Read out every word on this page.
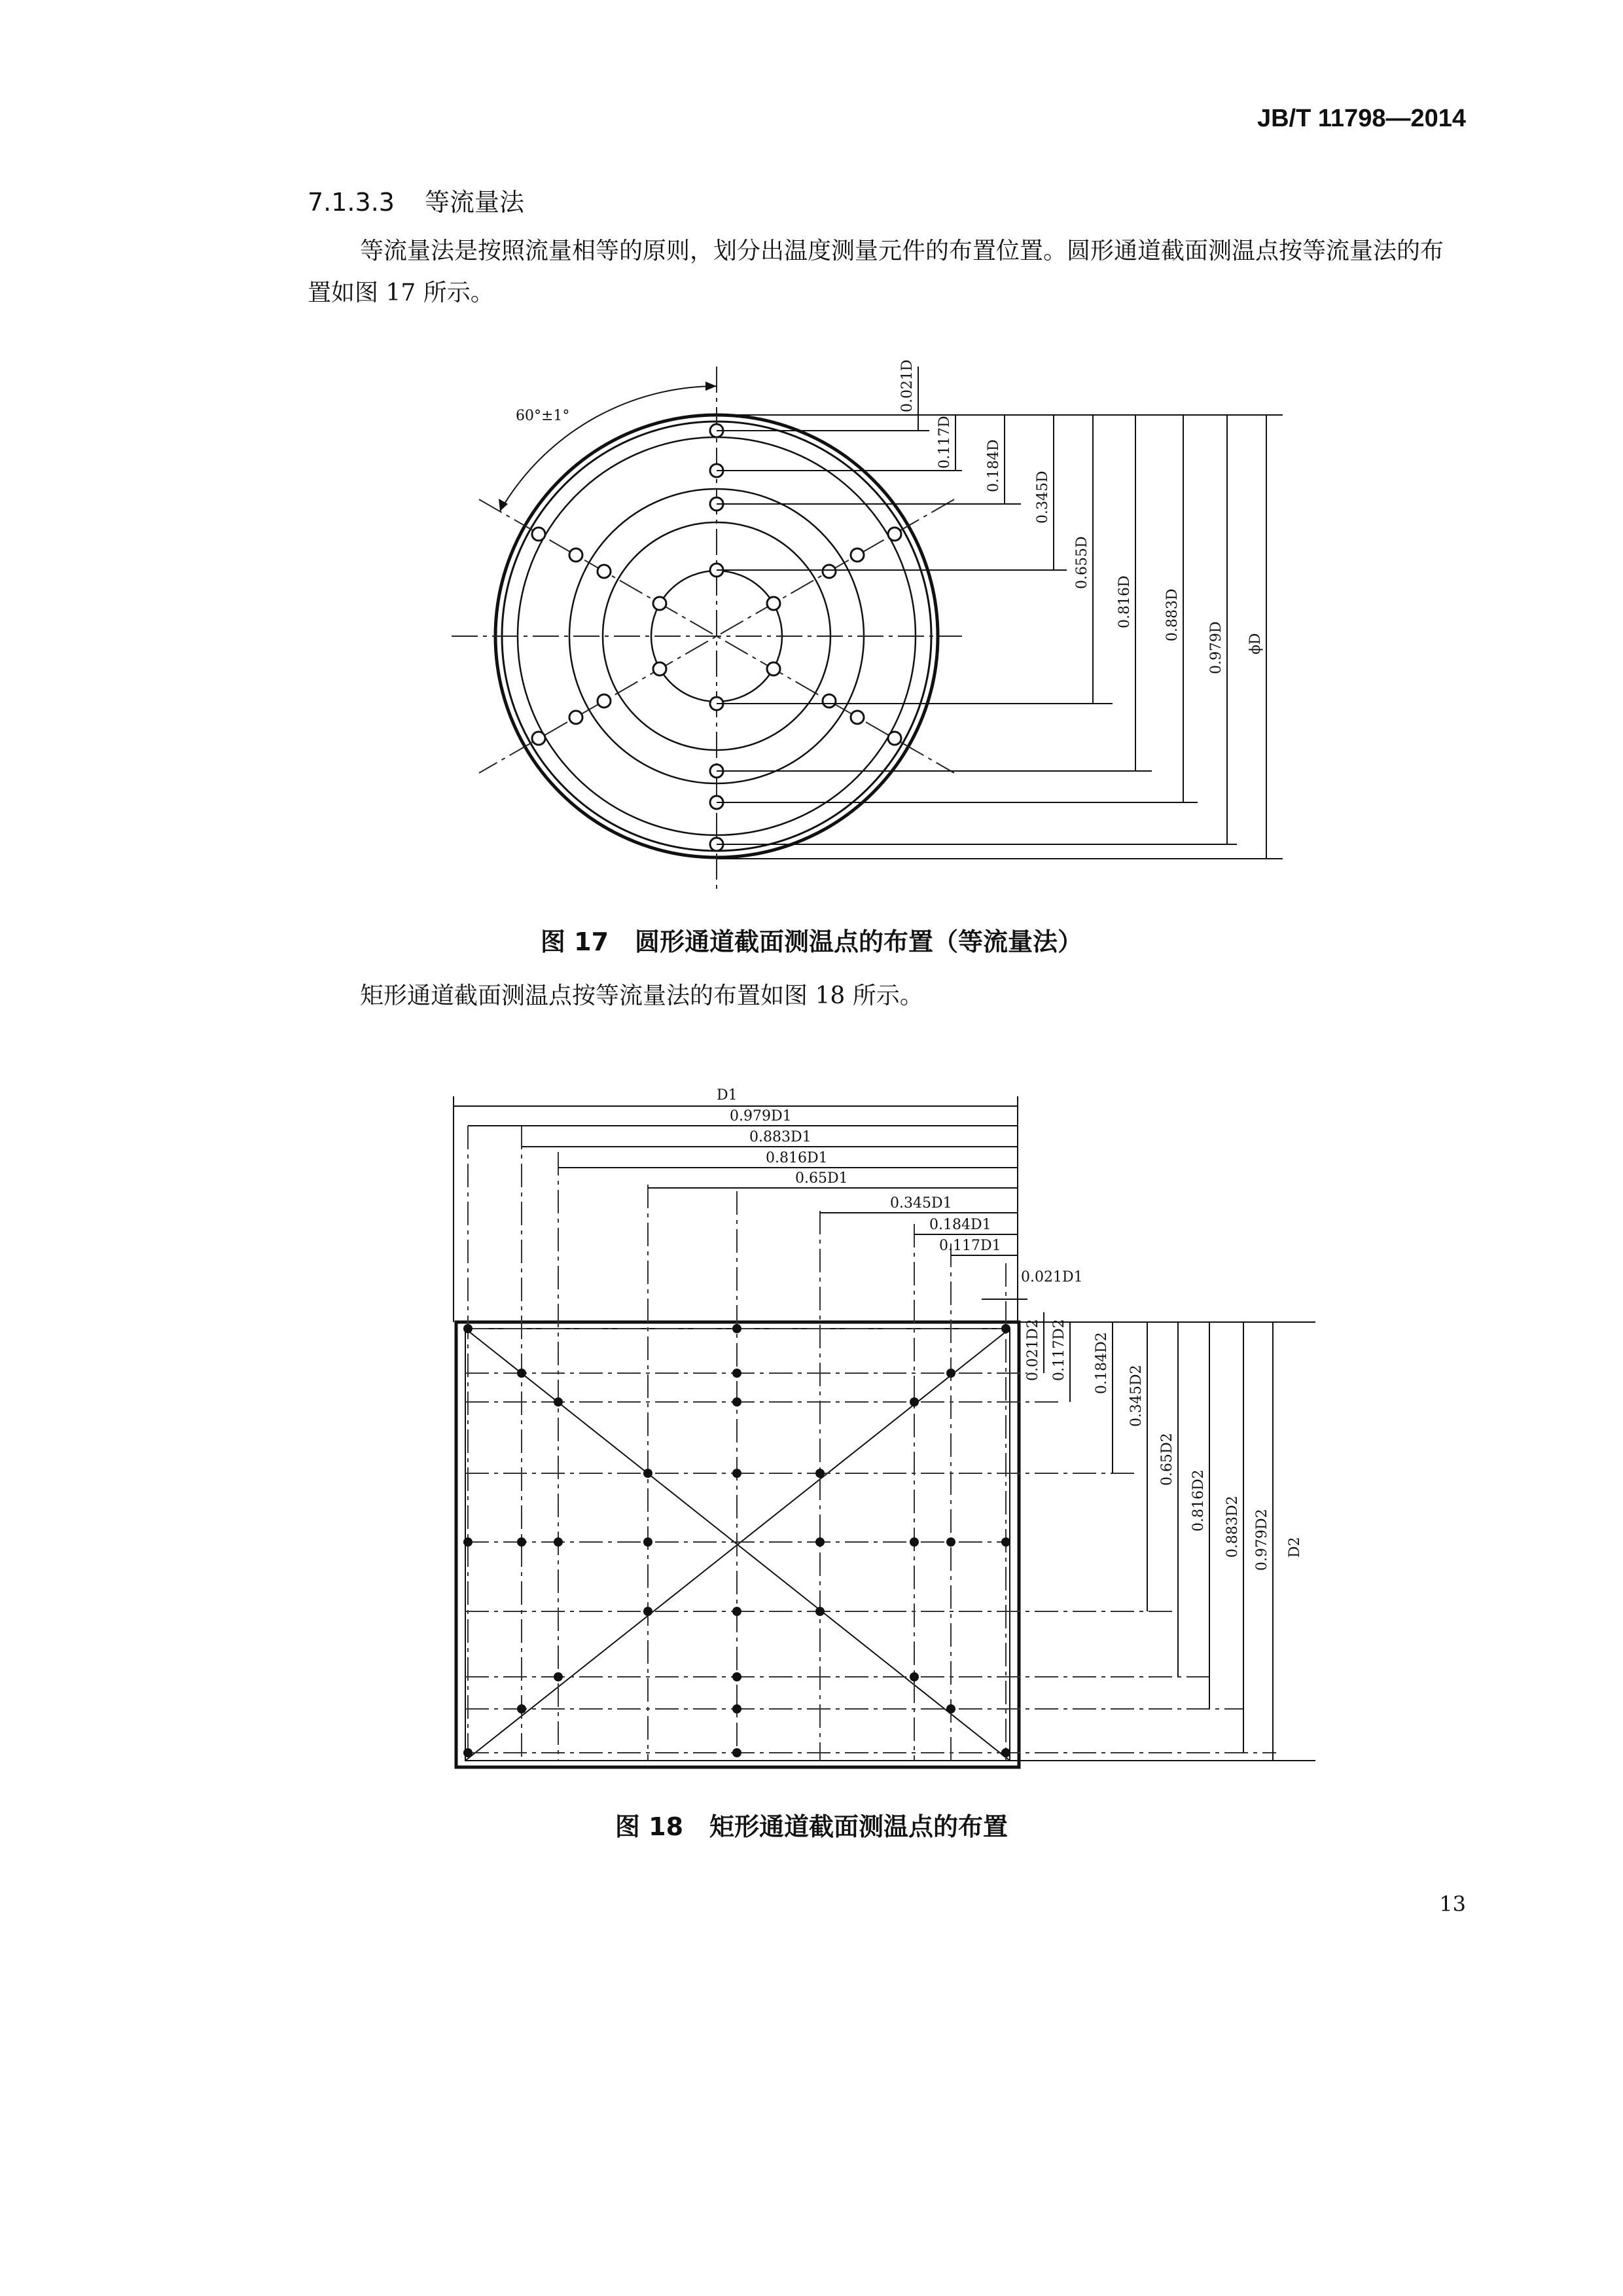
JB/T 11798—2014
7.1.3.3 等流量法
等流量法是按照流量相等的原则，划分出温度测量元件的布置位置。圆形通道截面测温点按等流量法的布置如图 17 所示。
60°±1°
0.021D
0.117D 0.184D
0.345D
0.655D
0.816D 0.883D
0.979D ϕD
D1
0.979D1
0.883D1
0.816D1
0.65D1
0.345D1
0.184D1
0.117D1
0.021D1
0.021D2 0.117D2 0.184D2
0.345D2
0.65D2
0.816D2 0.883D2 0.979D2 D2
图 17 圆形通道截面测温点的布置（等流量法）
矩形通道截面测温点按等流量法的布置如图 18 所示。
图 18 矩形通道截面测温点的布置
13
